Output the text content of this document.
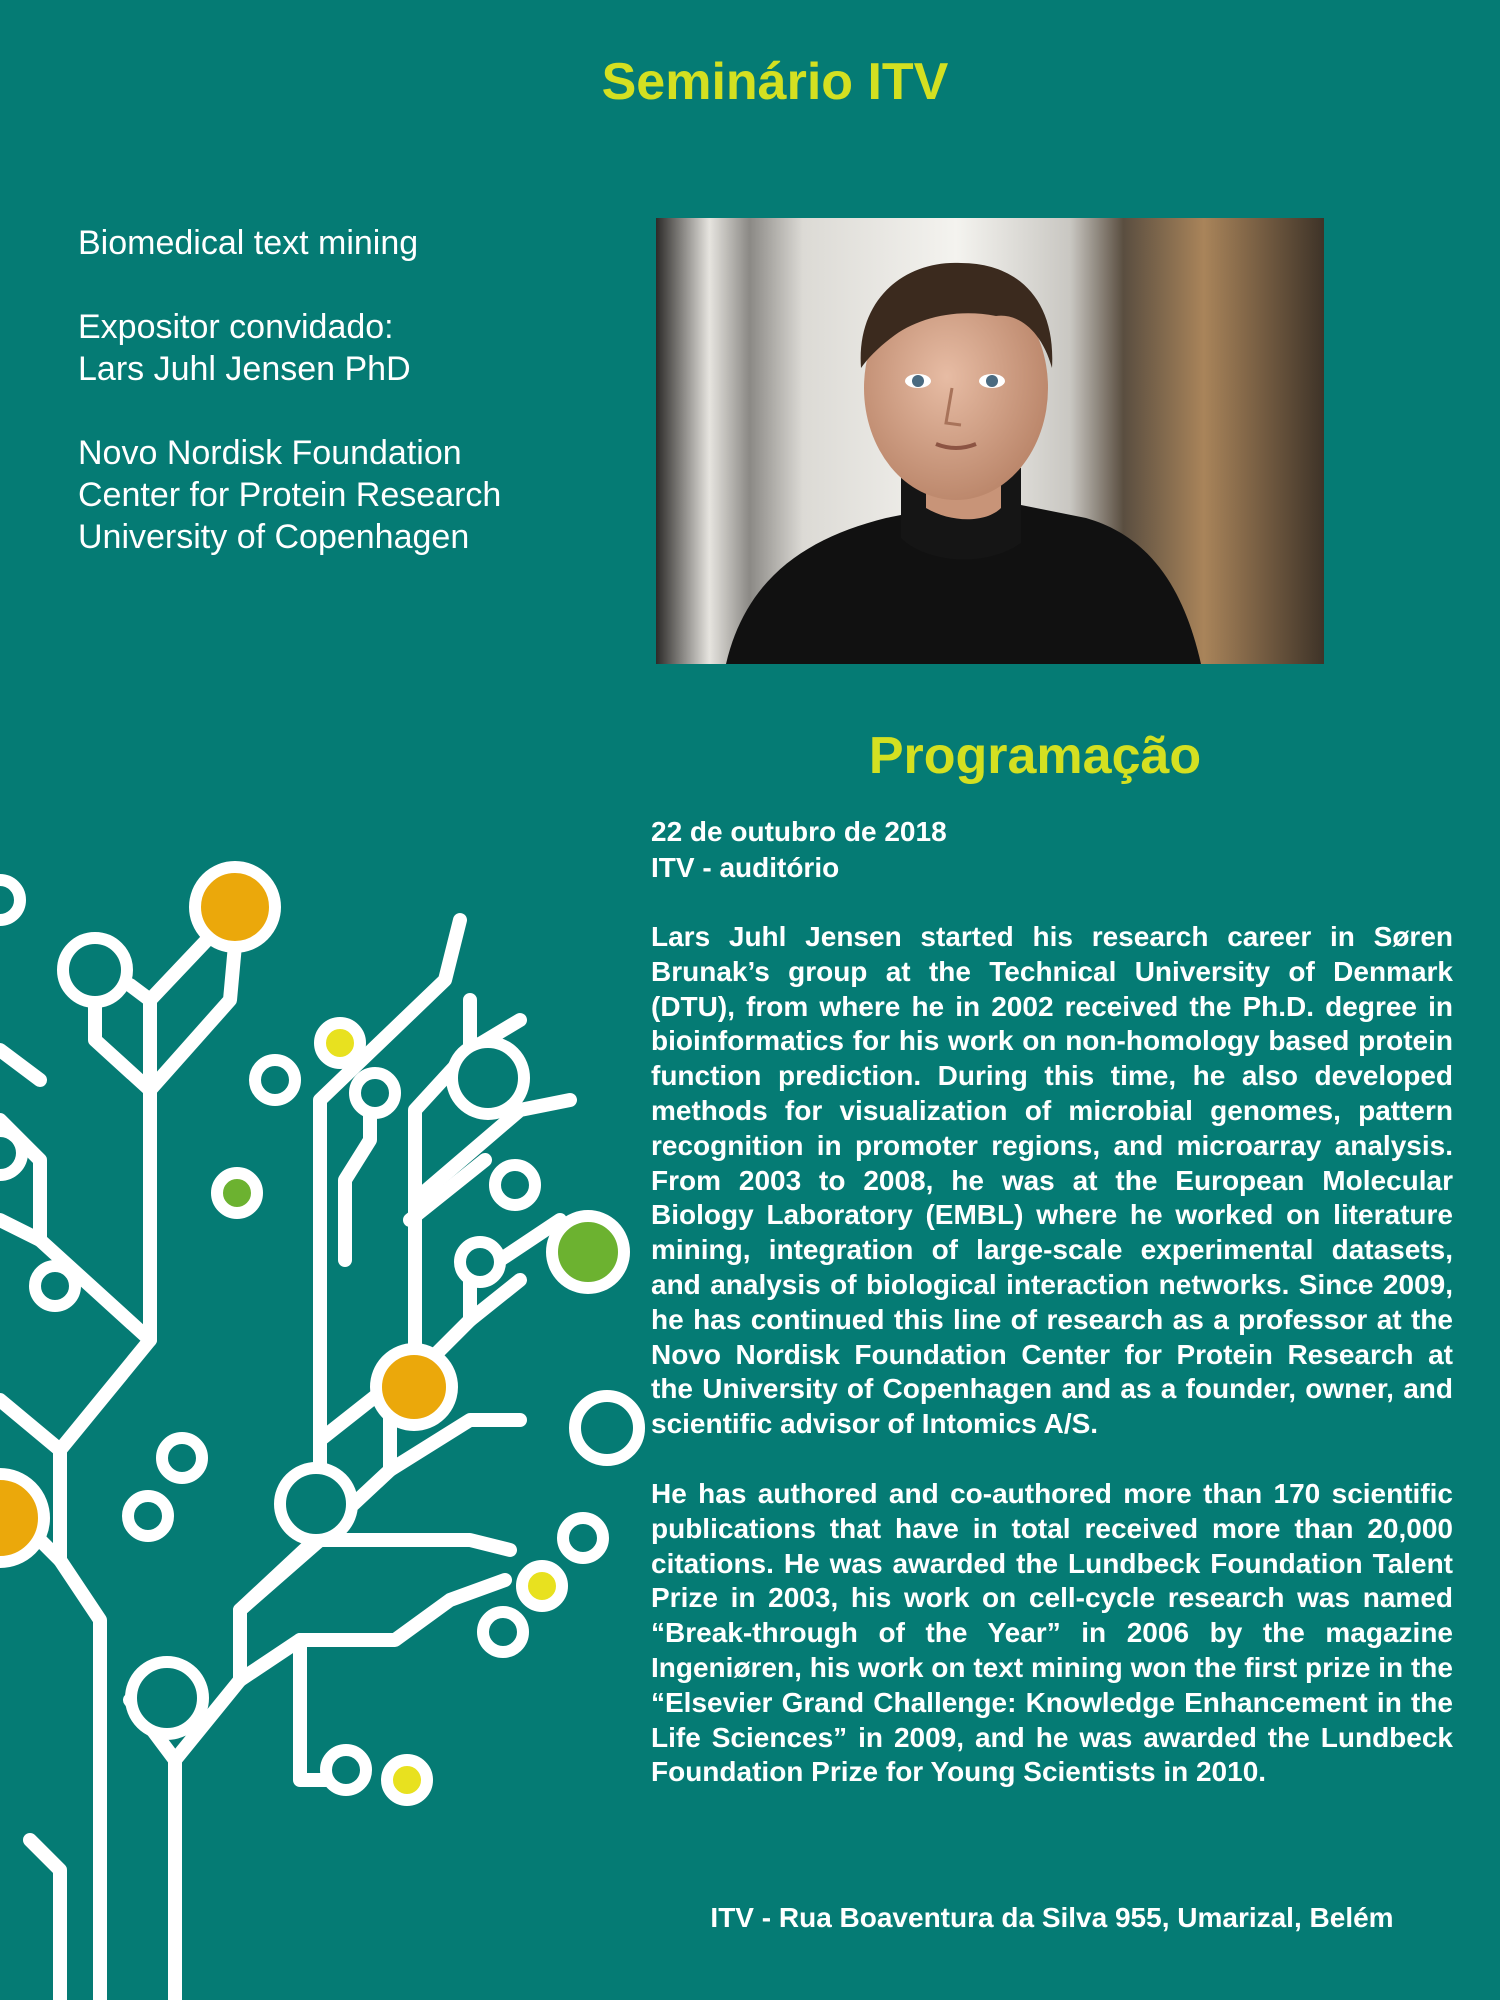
Seminário ITV

Biomedical text mining

Expositor convidado:

Lars Juhl Jensen PhD

Novo Nordisk Foundation

Center for Protein Research

University of Copenhagen

Programação

22 de outubro de 2018

ITV - auditório

Lars Juhl Jensen started his research career in Søren Brunak’s group at the Technical University of Denmark (DTU), from where he in 2002 received the Ph.D. degree in bioinformatics for his work on non-homology based protein function prediction. During this time, he also developed methods for visualization of microbial genomes, pattern recognition in promoter regions, and microarray analysis. From 2003 to 2008, he was at the European Molecular Biology Laboratory (EMBL) where he worked on literature mining, integration of large-scale experimental datasets, and analysis of biological interaction networks. Since 2009, he has continued this line of research as a professor at the Novo Nordisk Foundation Center for Protein Research at the University of Copenhagen and as a founder, owner, and scientific advisor of Intomics A/S.

He has authored and co-authored more than 170 scientific publications that have in total received more than 20,000 citations. He was awarded the Lundbeck Foundation Talent Prize in 2003, his work on cell-cycle research was named “Break-through of the Year” in 2006 by the magazine Ingeniøren, his work on text mining won the first prize in the “Elsevier Grand Challenge: Knowledge Enhancement in the Life Sciences” in 2009, and he was awarded the Lundbeck Foundation Prize for Young Scientists in 2010.

ITV - Rua Boaventura da Silva 955, Umarizal, Belém
